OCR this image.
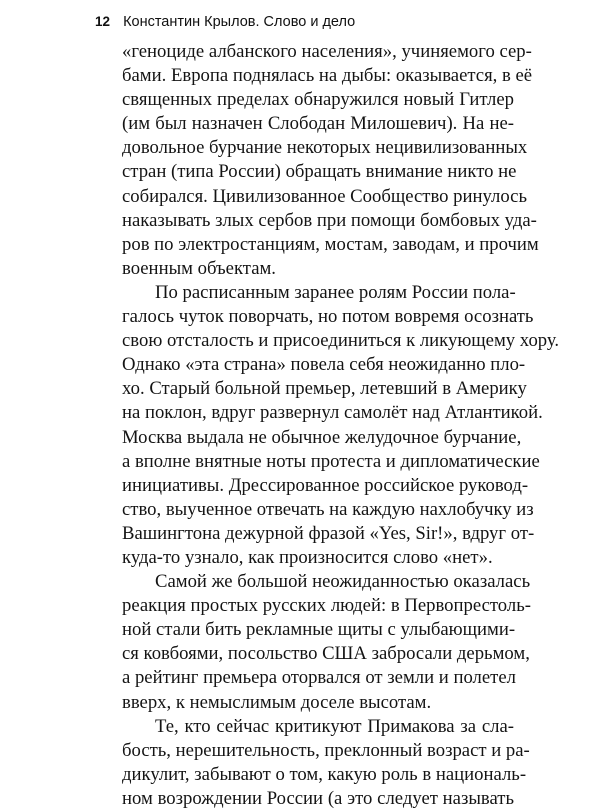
12 Константин Крылов. Слово и дело
«геноциде албанского населения», учиняемого сер-
бами. Европа поднялась на дыбы: оказывается, в её
священных пределах обнаружился новый Гитлер
(им был назначен Слободан Милошевич). На не-
довольное бурчание некоторых нецивилизованных
стран (типа России) обращать внимание никто не
собирался. Цивилизованное Сообщество ринулось
наказывать злых сербов при помощи бомбовых уда-
ров по электростанциям, мостам, заводам, и прочим
военным объектам.
По расписанным заранее ролям России пола-
галось чуток поворчать, но потом вовремя осознать
свою отсталость и присоединиться к ликующему хору.
Однако «эта страна» повела себя неожиданно пло-
хо. Старый больной премьер, летевший в Америку
на поклон, вдруг развернул самолёт над Атлантикой.
Москва выдала не обычное желудочное бурчание,
а вполне внятные ноты протеста и дипломатические
инициативы. Дрессированное российское руковод-
ство, выученное отвечать на каждую нахлобучку из
Вашингтона дежурной фразой «Yes, Sir!», вдруг от-
куда-то узнало, как произносится слово «нет».
Самой же большой неожиданностью оказалась
реакция простых русских людей: в Первопрестоль-
ной стали бить рекламные щиты с улыбающими-
ся ковбоями, посольство США забросали дерьмом,
а рейтинг премьера оторвался от земли и полетел
вверх, к немыслимым доселе высотам.
Те, кто сейчас критикуют Примакова за сла-
бость, нерешительность, преклонный возраст и ра-
дикулит, забывают о том, какую роль в националь-
ном возрождении России (а это следует называть
